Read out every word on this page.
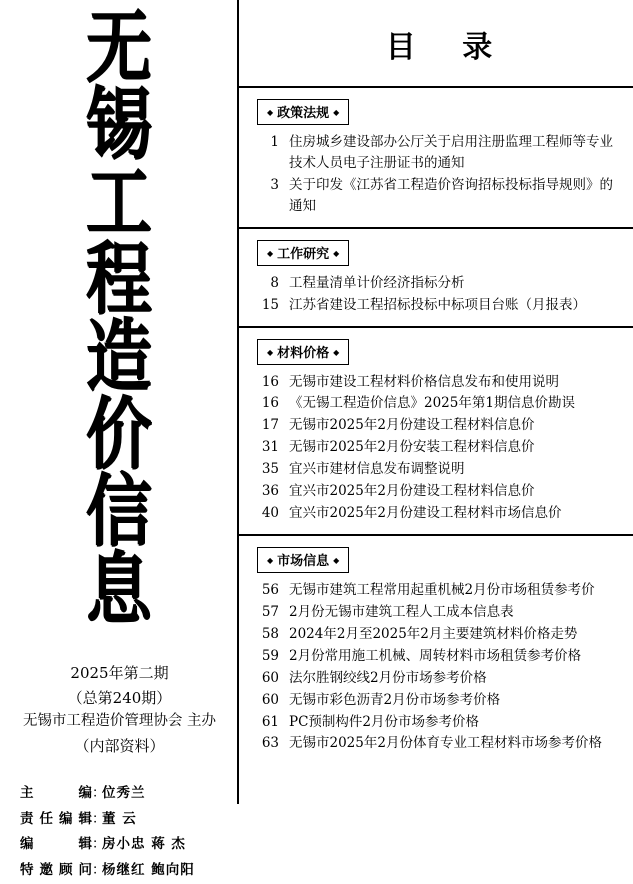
无
锡
工
程
造
价
信
息
2025年第二期
（总第240期）
无锡市工程造价管理协会 主办
（内部资料）
主编 ：
位秀兰
责任编辑 ：
董 云
编辑 ：
房小忠 蒋 杰
特邀顾问 ：
杨继红 鲍向阳
目 录
◆ 政策法规 ◆
1 住房城乡建设部办公厅关于启用注册监理工程师等专业技术人员电子注册证书的通知
3 关于印发《江苏省工程造价咨询招标投标指导规则》的通知
◆ 工作研究 ◆
8 工程量清单计价经济指标分析
15 江苏省建设工程招标投标中标项目台账（月报表）
◆ 材料价格 ◆
16 无锡市建设工程材料价格信息发布和使用说明
16 《无锡工程造价信息》2025年第1期信息价勘误
17 无锡市2025年2月份建设工程材料信息价
31 无锡市2025年2月份安装工程材料信息价
35 宜兴市建材信息发布调整说明
36 宜兴市2025年2月份建设工程材料信息价
40 宜兴市2025年2月份建设工程材料市场信息价
◆ 市场信息 ◆
56 无锡市建筑工程常用起重机械2月份市场租赁参考价
57 2月份无锡市建筑工程人工成本信息表
58 2024年2月至2025年2月主要建筑材料价格走势
59 2月份常用施工机械、周转材料市场租赁参考价格
60 法尔胜钢绞线2月份市场参考价格
60 无锡市彩色沥青2月份市场参考价格
61 PC预制构件2月份市场参考价格
63 无锡市2025年2月份体育专业工程材料市场参考价格
